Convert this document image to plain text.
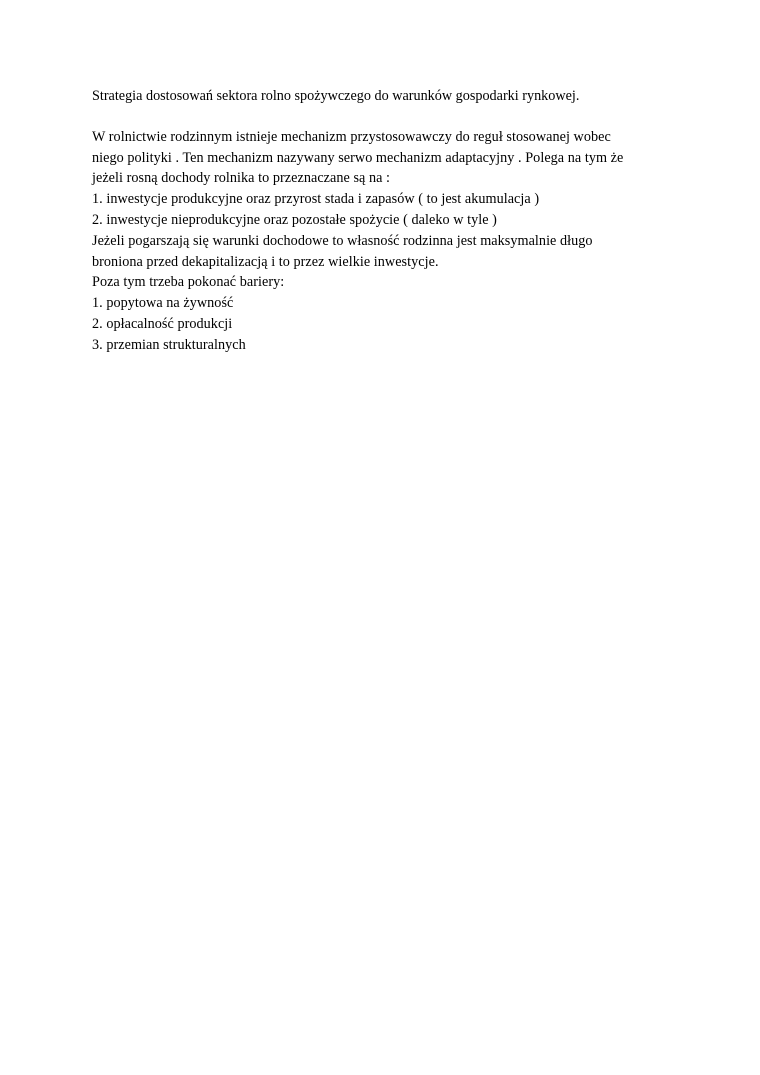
Strategia dostosowań sektora rolno spożywczego do warunków gospodarki rynkowej.
W rolnictwie rodzinnym istnieje mechanizm przystosowawczy do reguł stosowanej wobec
niego polityki . Ten mechanizm nazywany serwo mechanizm adaptacyjny . Polega na tym że
jeżeli rosną dochody rolnika to przeznaczane są na :
1. inwestycje produkcyjne oraz przyrost stada i zapasów ( to jest akumulacja )
2. inwestycje nieprodukcyjne oraz pozostałe spożycie ( daleko w tyle )
Jeżeli pogarszają się warunki dochodowe to własność rodzinna jest maksymalnie długo
broniona przed dekapitalizacją i to przez wielkie inwestycje.
Poza tym trzeba pokonać bariery:
1. popytowa na żywność
2. opłacalność produkcji
3. przemian strukturalnych
